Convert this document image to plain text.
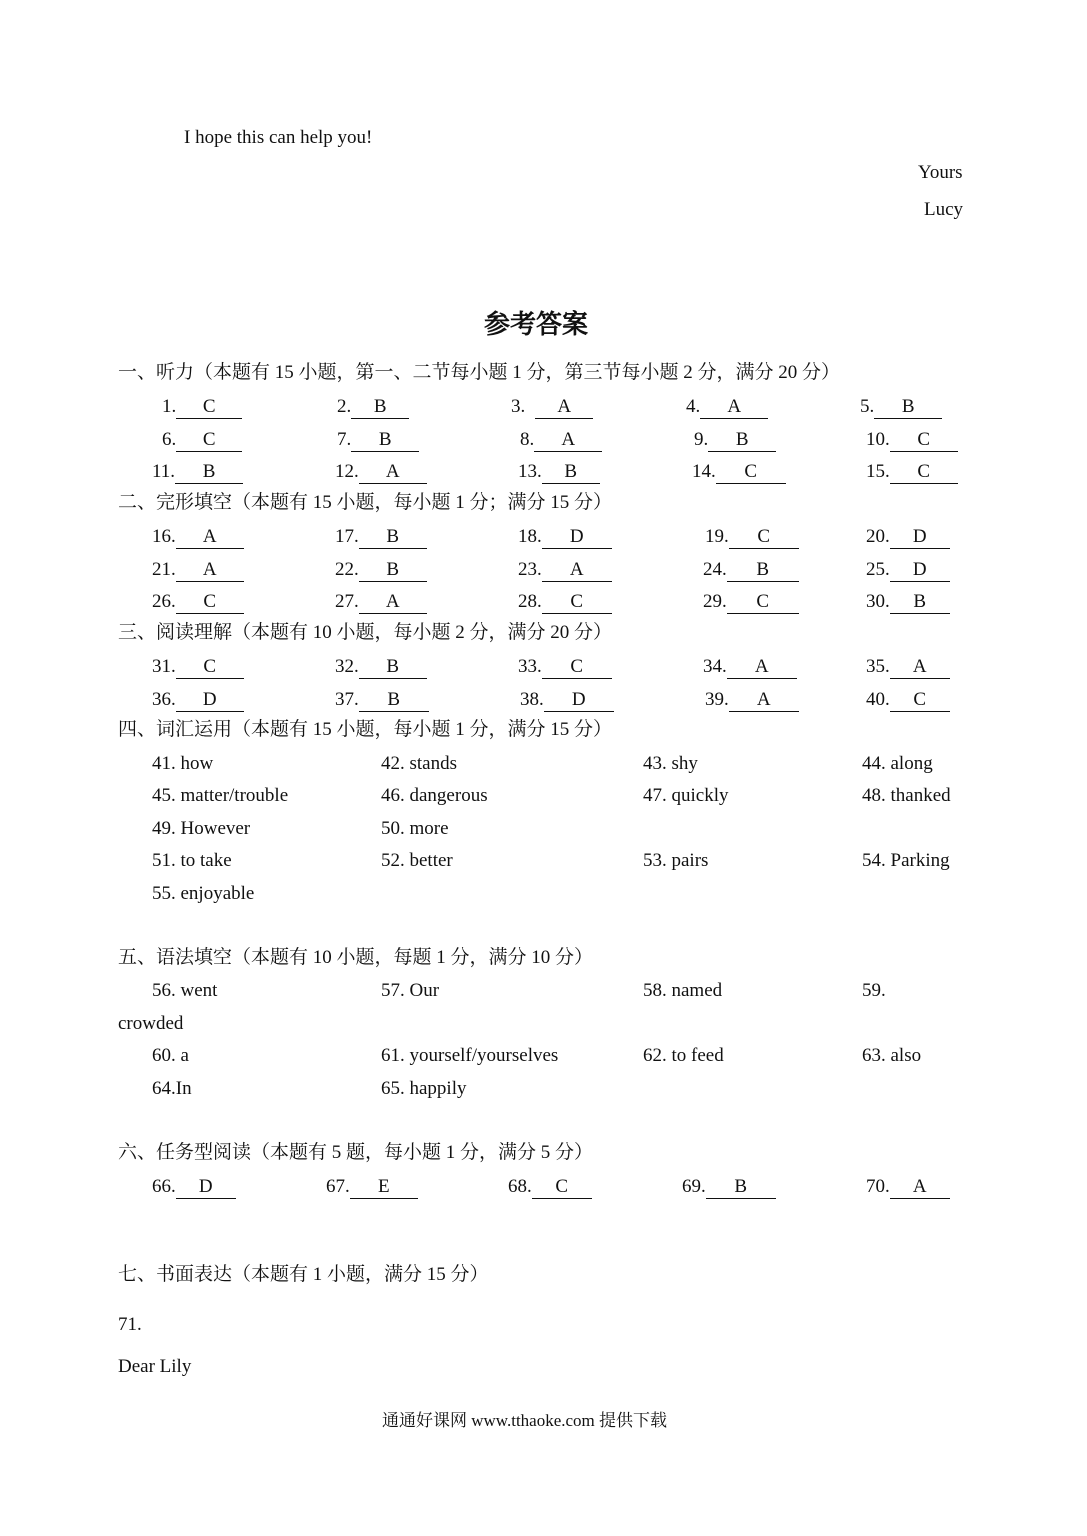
I hope this can help you!
Yours
Lucy
参考答案
一、听力（本题有 15 小题，第一、二节每小题 1 分，第三节每小题 2 分，满分 20 分）
1. C	2. B	3. A	4. A	5. B
6. C	7. B	8. A	9. B	10. C
11. B	12. A	13. B	14. C	15. C
二、完形填空（本题有 15 小题，每小题 1 分；满分 15 分）
16. A	17. B	18. D	19. C	20. D
21. A	22. B	23. A	24. B	25. D
26. C	27. A	28. C	29. C	30. B
三、阅读理解（本题有 10 小题，每小题 2 分，满分 20 分）
31. C	32. B	33. C	34. A	35. A
36. D	37. B	38. D	39. A	40. C
四、词汇运用（本题有 15 小题，每小题 1 分，满分 15 分）
41. how	42. stands	43. shy	44. along
45. matter/trouble	46. dangerous	47. quickly	48. thanked
49. However	50. more
51. to take	52. better	53. pairs	54. Parking
55. enjoyable
五、语法填空（本题有 10 小题，每题 1 分，满分 10 分）
56. went	57. Our	58. named	59.
crowded
60. a	61. yourself/yourselves	62. to feed	63. also
64.In	65. happily
六、任务型阅读（本题有 5 题，每小题 1 分，满分 5 分）
66. D	67. E	68. C	69. B	70. A
七、书面表达（本题有 1 小题，满分 15 分）
71.
Dear Lily
通通好课网 www.tthaoke.com 提供下载
